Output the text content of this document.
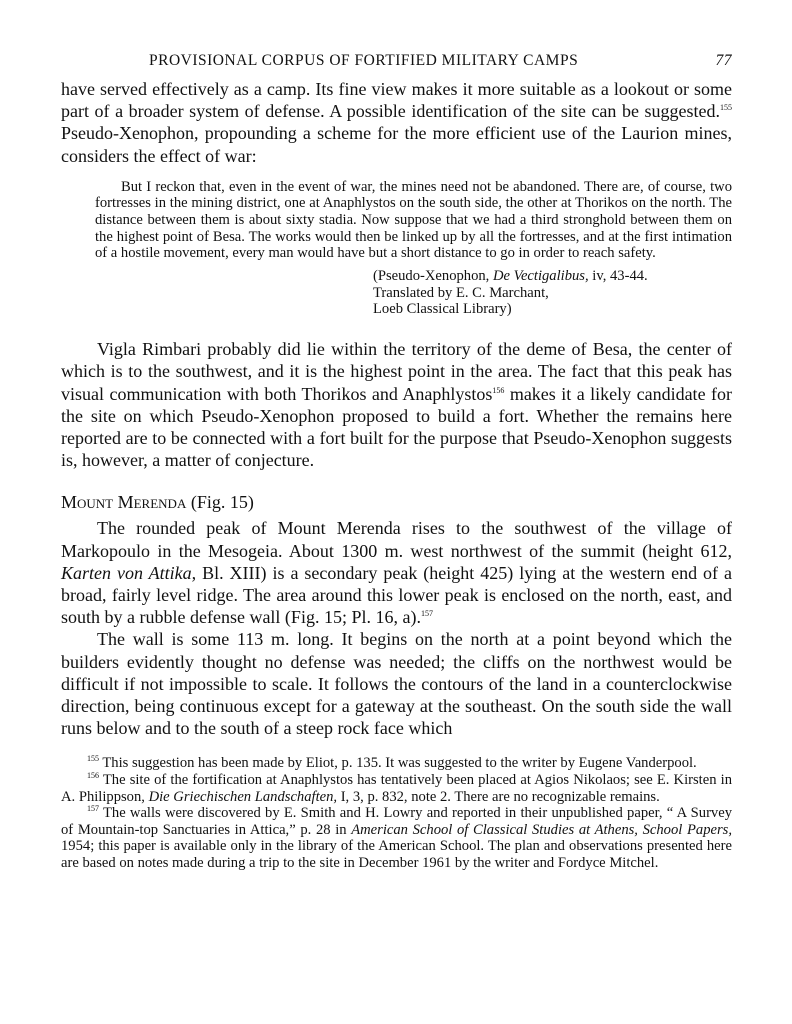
PROVISIONAL CORPUS OF FORTIFIED MILITARY CAMPS	77

have served effectively as a camp. Its fine view makes it more suitable as a lookout or some part of a broader system of defense. A possible identification of the site can be suggested.$^{155}$ Pseudo-Xenophon, propounding a scheme for the more efficient use of the Laurion mines, considers the effect of war:

But I reckon that, even in the event of war, the mines need not be abandoned. There are, of course, two fortresses in the mining district, one at Anaphlystos on the south side, the other at Thorikos on the north. The distance between them is about sixty stadia. Now suppose that we had a third stronghold between them on the highest point of Besa. The works would then be linked up by all the fortresses, and at the first intimation of a hostile movement, every man would have but a short distance to go in order to reach safety.

(Pseudo-Xenophon, De Vectigalibus, iv, 43-44.
Translated by E. C. Marchant,
Loeb Classical Library)

Vigla Rimbari probably did lie within the territory of the deme of Besa, the center of which is to the southwest, and it is the highest point in the area. The fact that this peak has visual communication with both Thorikos and Anaphlystos$^{156}$ makes it a likely candidate for the site on which Pseudo-Xenophon proposed to build a fort. Whether the remains here reported are to be connected with a fort built for the purpose that Pseudo-Xenophon suggests is, however, a matter of conjecture.

Mount Merenda (Fig. 15)

The rounded peak of Mount Merenda rises to the southwest of the village of Markopoulo in the Mesogeia. About 1300 m. west northwest of the summit (height 612, Karten von Attika, Bl. XIII) is a secondary peak (height 425) lying at the western end of a broad, fairly level ridge. The area around this lower peak is enclosed on the north, east, and south by a rubble defense wall (Fig. 15; Pl. 16, a).$^{157}$

The wall is some 113 m. long. It begins on the north at a point beyond which the builders evidently thought no defense was needed; the cliffs on the northwest would be difficult if not impossible to scale. It follows the contours of the land in a counterclockwise direction, being continuous except for a gateway at the southeast. On the south side the wall runs below and to the south of a steep rock face which

$^{155}$ This suggestion has been made by Eliot, p. 135. It was suggested to the writer by Eugene Vanderpool.

$^{156}$ The site of the fortification at Anaphlystos has tentatively been placed at Agios Nikolaos; see E. Kirsten in A. Philippson, Die Griechischen Landschaften, I, 3, p. 832, note 2. There are no recognizable remains.

$^{157}$ The walls were discovered by E. Smith and H. Lowry and reported in their unpublished paper, “ A Survey of Mountain-top Sanctuaries in Attica,” p. 28 in American School of Classical Studies at Athens, School Papers, 1954; this paper is available only in the library of the American School. The plan and observations presented here are based on notes made during a trip to the site in December 1961 by the writer and Fordyce Mitchel.
